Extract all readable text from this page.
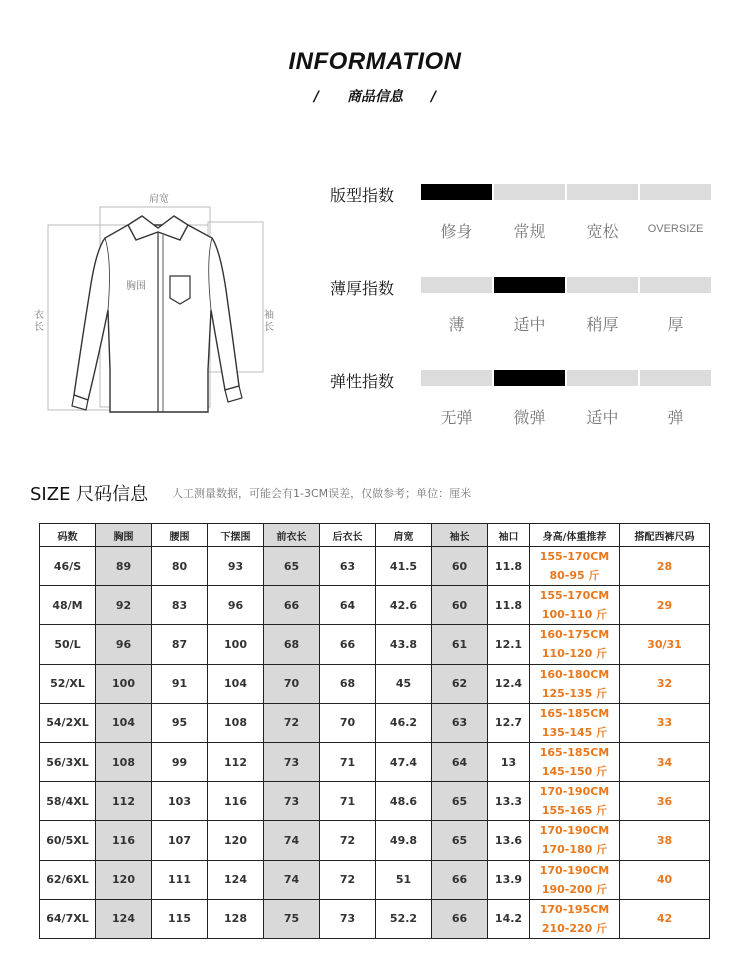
INFORMATION
/ 商品信息 /
肩宽
胸围
衣长
袖长
版型指数
修身	常规	宽松	OVERSIZE
薄厚指数
薄	适中	稍厚	厚
弹性指数
无弹	微弹	适中	弹
SIZE 尺码信息 人工测量数据，可能会有1-3CM误差，仅做参考；单位：厘米
码数	胸围	腰围	下摆围	前衣长	后衣长	肩宽	袖长	袖口	身高/体重推荐	搭配西裤尺码
46/S	89	80	93	65	63	41.5	60	11.8	155-170CM
80-95 斤	28
48/M	92	83	96	66	64	42.6	60	11.8	155-170CM
100-110 斤	29
50/L	96	87	100	68	66	43.8	61	12.1	160-175CM
110-120 斤	30/31
52/XL	100	91	104	70	68	45	62	12.4	160-180CM
125-135 斤	32
54/2XL	104	95	108	72	70	46.2	63	12.7	165-185CM
135-145 斤	33
56/3XL	108	99	112	73	71	47.4	64	13	165-185CM
145-150 斤	34
58/4XL	112	103	116	73	71	48.6	65	13.3	170-190CM
155-165 斤	36
60/5XL	116	107	120	74	72	49.8	65	13.6	170-190CM
170-180 斤	38
62/6XL	120	111	124	74	72	51	66	13.9	170-190CM
190-200 斤	40
64/7XL	124	115	128	75	73	52.2	66	14.2	170-195CM
210-220 斤	42
